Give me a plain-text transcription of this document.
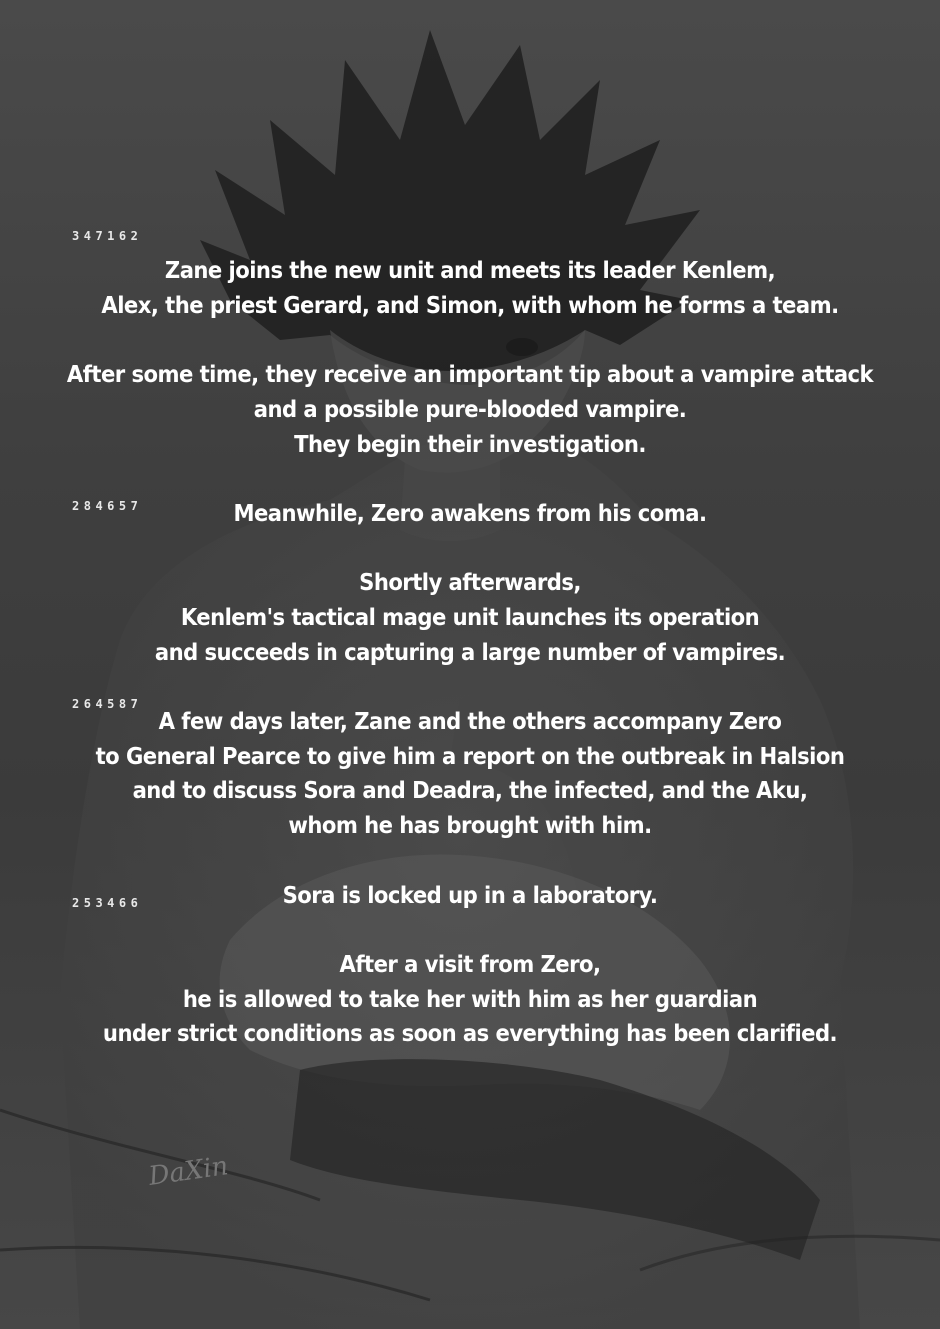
DaXin
347162
284657
264587
253466

Zane joins the new unit and meets its leader Kenlem,
Alex, the priest Gerard, and Simon, with whom he forms a team.

After some time, they receive an important tip about a vampire attack
and a possible pure-blooded vampire.
They begin their investigation.

Meanwhile, Zero awakens from his coma.

Shortly afterwards,
Kenlem's tactical mage unit launches its operation
and succeeds in capturing a large number of vampires.

A few days later, Zane and the others accompany Zero
to General Pearce to give him a report on the outbreak in Halsion
and to discuss Sora and Deadra, the infected, and the Aku,
whom he has brought with him.

Sora is locked up in a laboratory.

After a visit from Zero,
he is allowed to take her with him as her guardian
under strict conditions as soon as everything has been clarified.
